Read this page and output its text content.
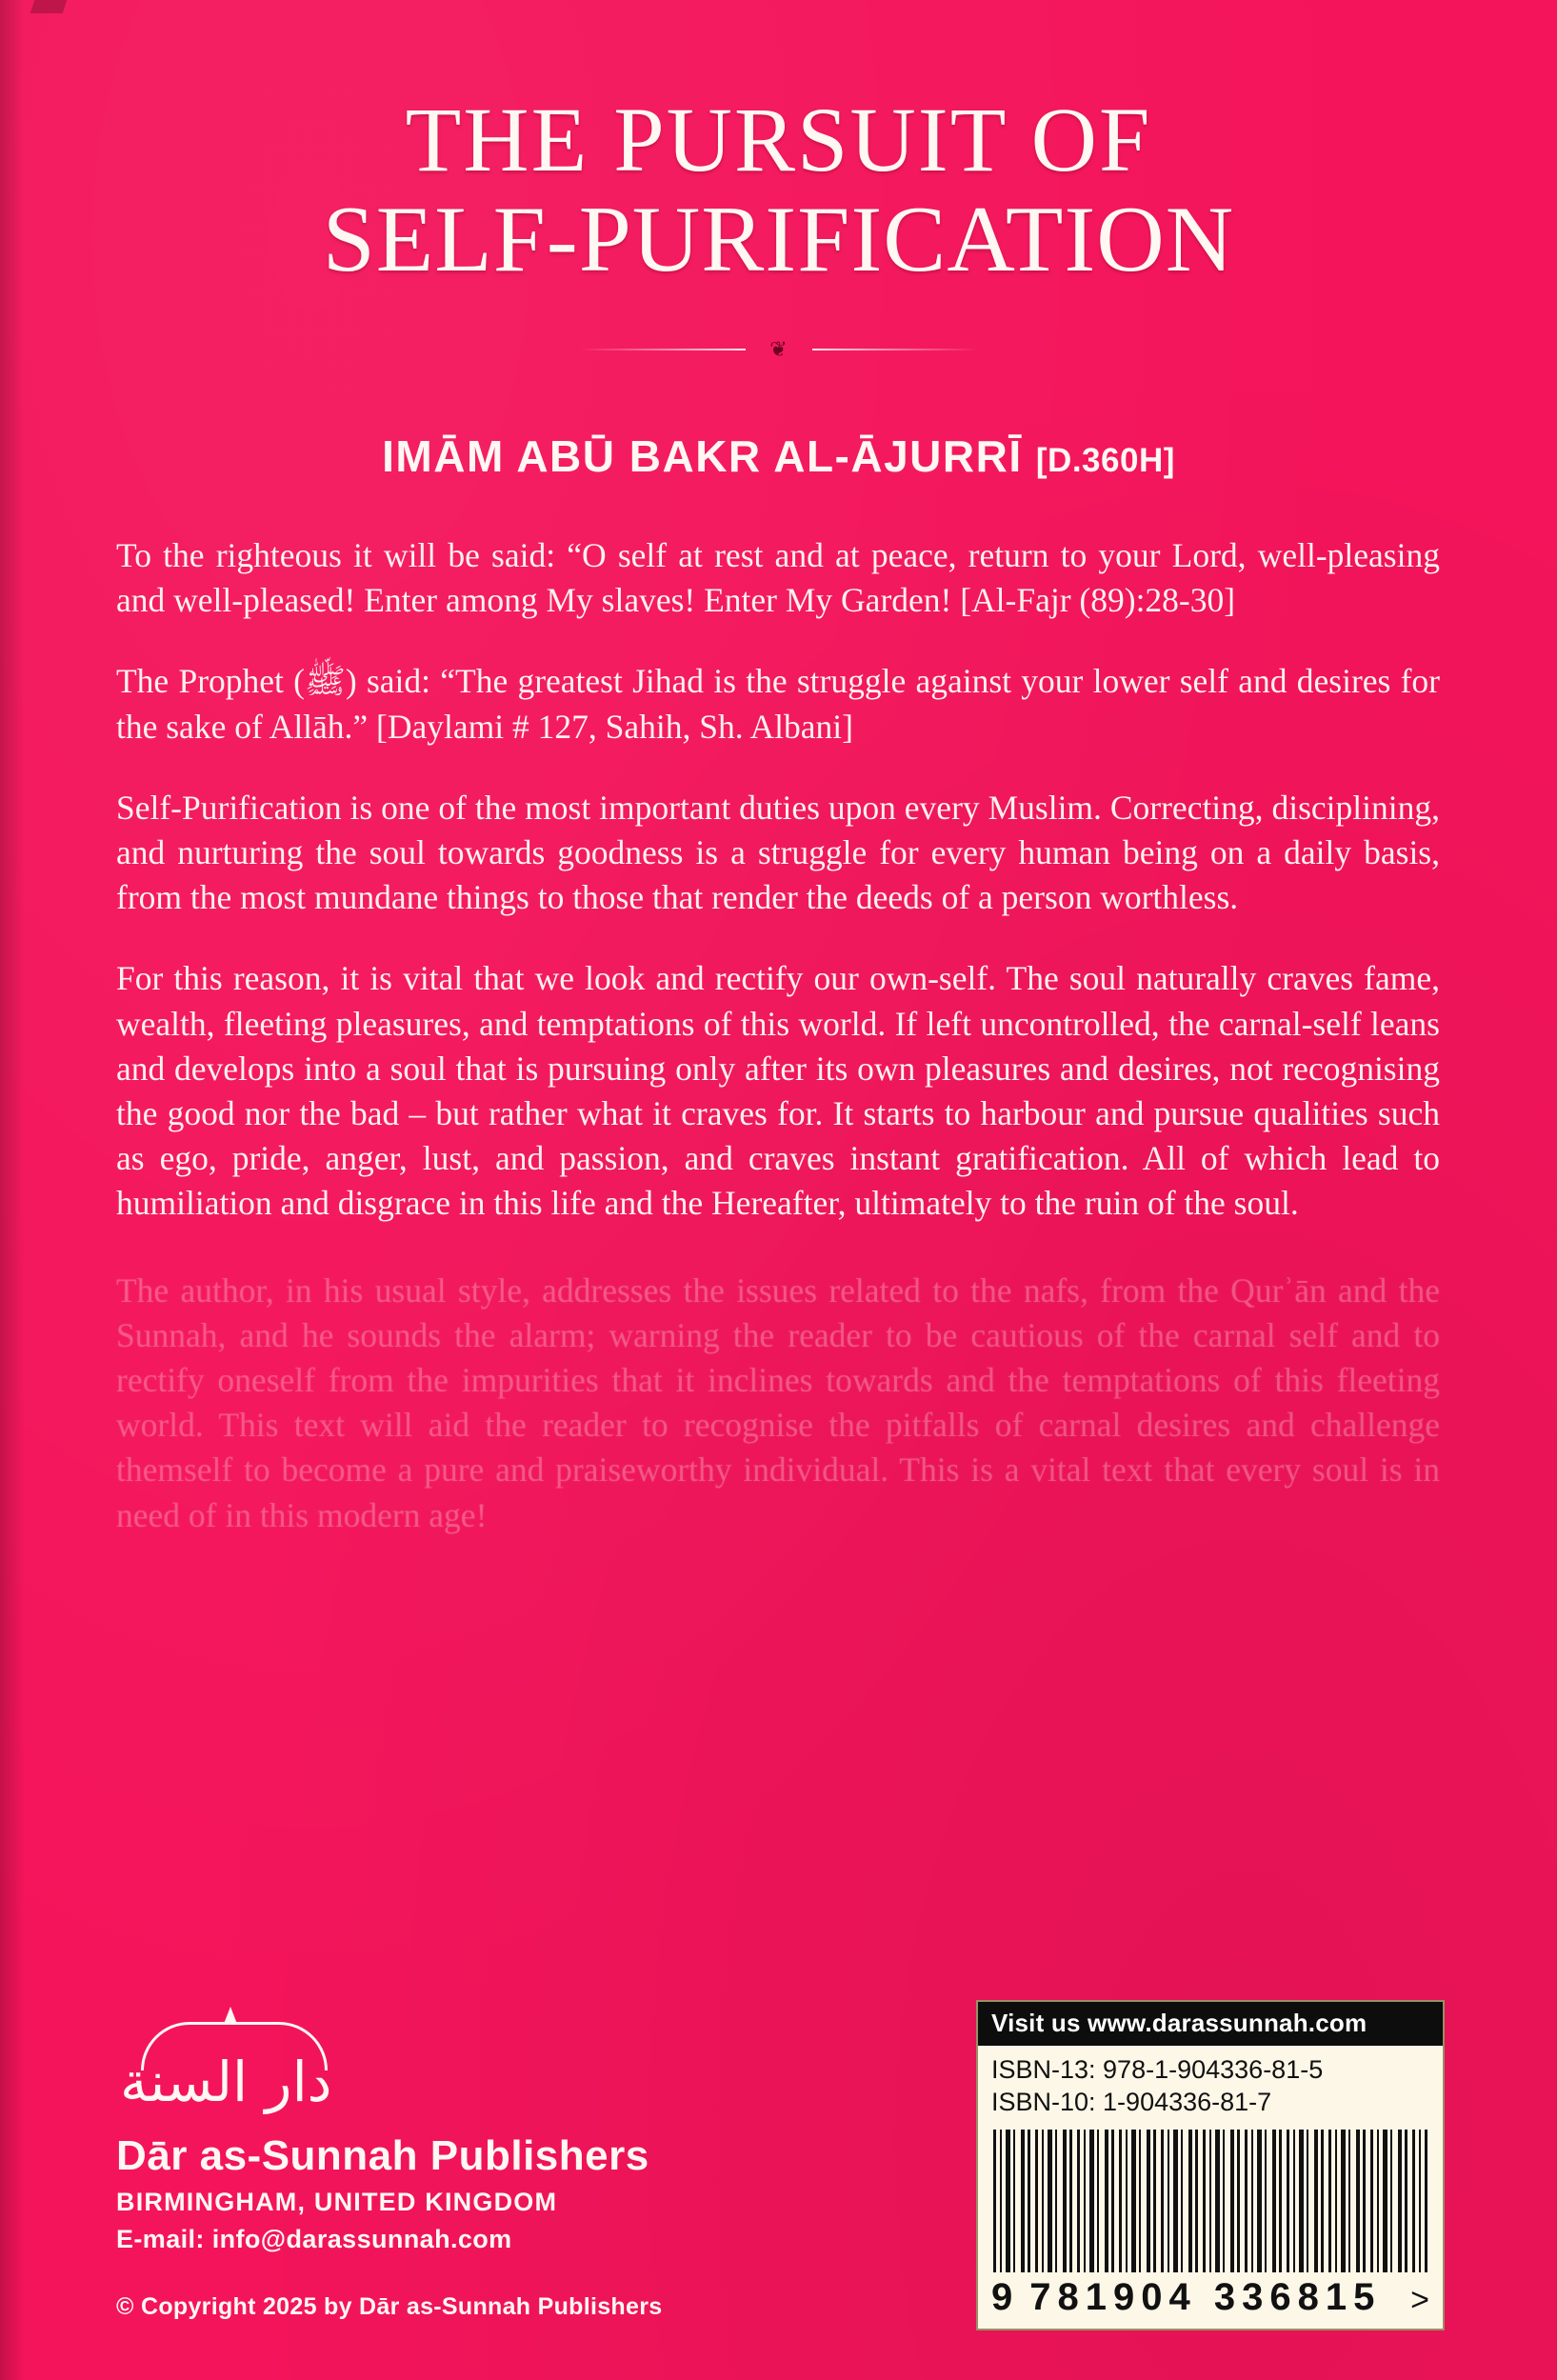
THE PURSUIT OF
SELF-PURIFICATION
❦
IMĀM ABŪ BAKR AL-ĀJURRĪ [D.360H]

To the righteous it will be said: “O self at rest and at peace, return to your Lord, well-pleasing and well-pleased! Enter among My slaves! Enter My Garden! [Al-Fajr (89):28-30]

The Prophet (ﷺ) said: “The greatest Jihad is the struggle against your lower self and desires for the sake of Allāh.” [Daylami # 127, Sahih, Sh. Albani]

Self-Purification is one of the most important duties upon every Muslim. Correcting, disciplining, and nurturing the soul towards goodness is a struggle for every human being on a daily basis, from the most mundane things to those that render the deeds of a person worthless.

For this reason, it is vital that we look and rectify our own-self. The soul naturally craves fame, wealth, fleeting pleasures, and temptations of this world. If left uncontrolled, the carnal-self leans and develops into a soul that is pursuing only after its own pleasures and desires, not recognising the good nor the bad – but rather what it craves for. It starts to harbour and pursue qualities such as ego, pride, anger, lust, and passion, and craves instant gratification. All of which lead to humiliation and disgrace in this life and the Hereafter, ultimately to the ruin of the soul.

The author, in his usual style, addresses the issues related to the nafs, from the Qurʾān and the Sunnah, and he sounds the alarm; warning the reader to be cautious of the carnal self and to rectify oneself from the impurities that it inclines towards and the temptations of this fleeting world. This text will aid the reader to recognise the pitfalls of carnal desires and challenge themself to become a pure and praiseworthy individual. This is a vital text that every soul is in need of in this modern age!

دار السنة
Dār as-Sunnah Publishers
BIRMINGHAM, UNITED KINGDOM
E-mail: info@darassunnah.com
© Copyright 2025 by Dār as-Sunnah Publishers
Visit us www.darassunnah.com
ISBN-13: 978-1-904336-81-5
ISBN-10: 1-904336-81-7
9 781904 336815 >
